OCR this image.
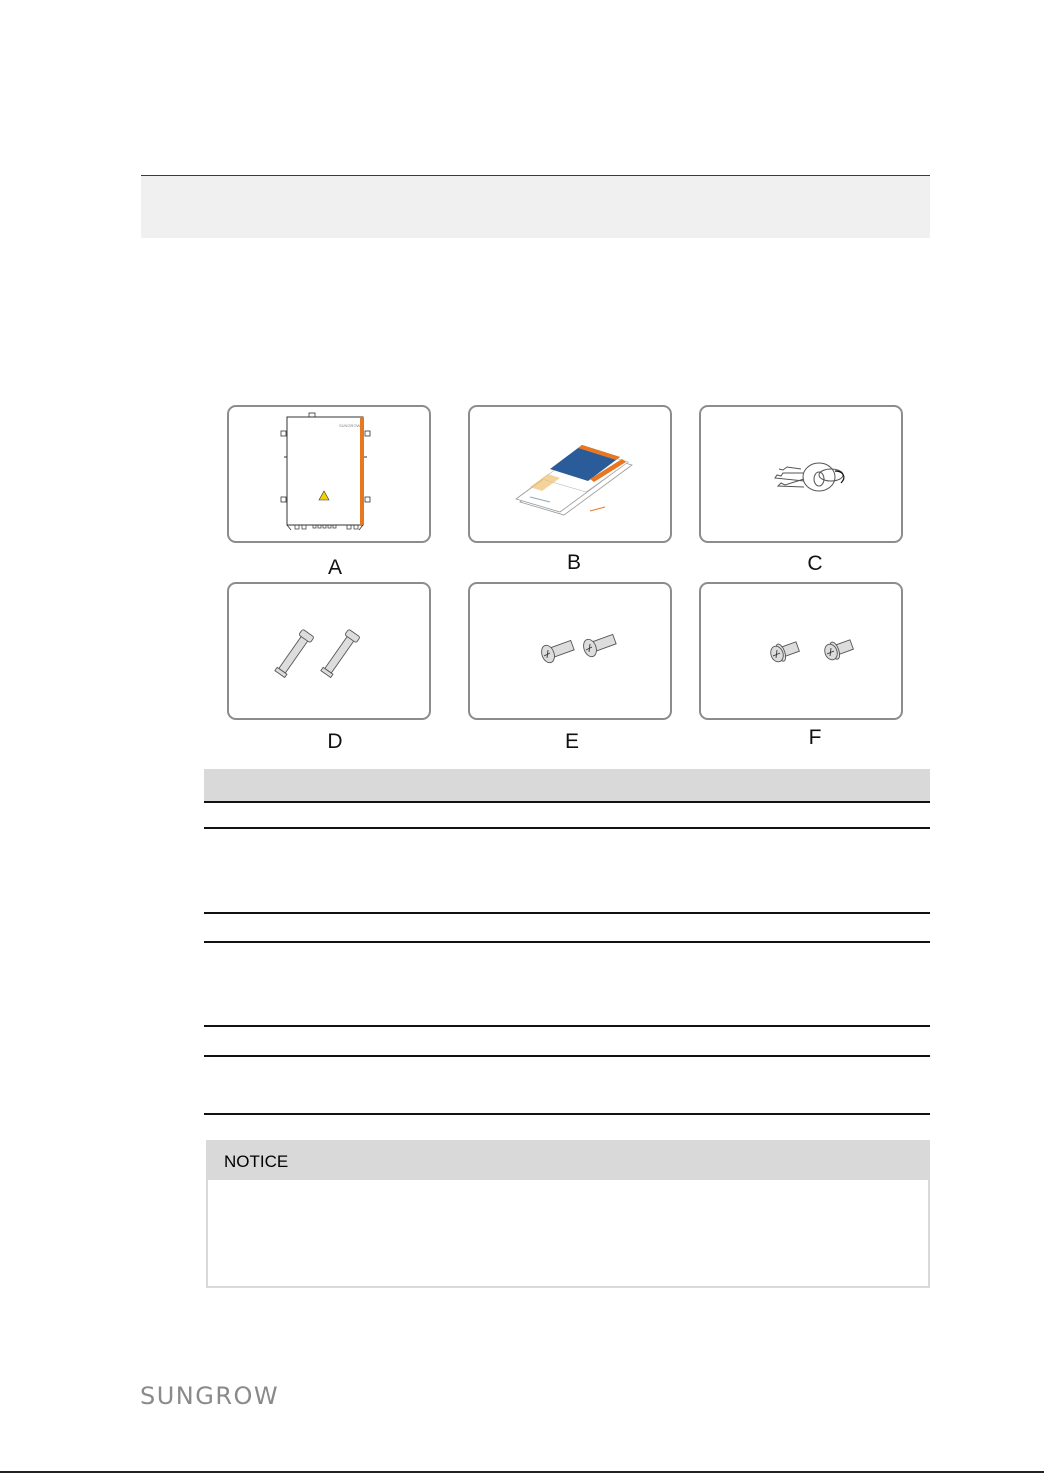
SUNGROW
A	B	C
D	E	F
NOTICE
SUNGROW
